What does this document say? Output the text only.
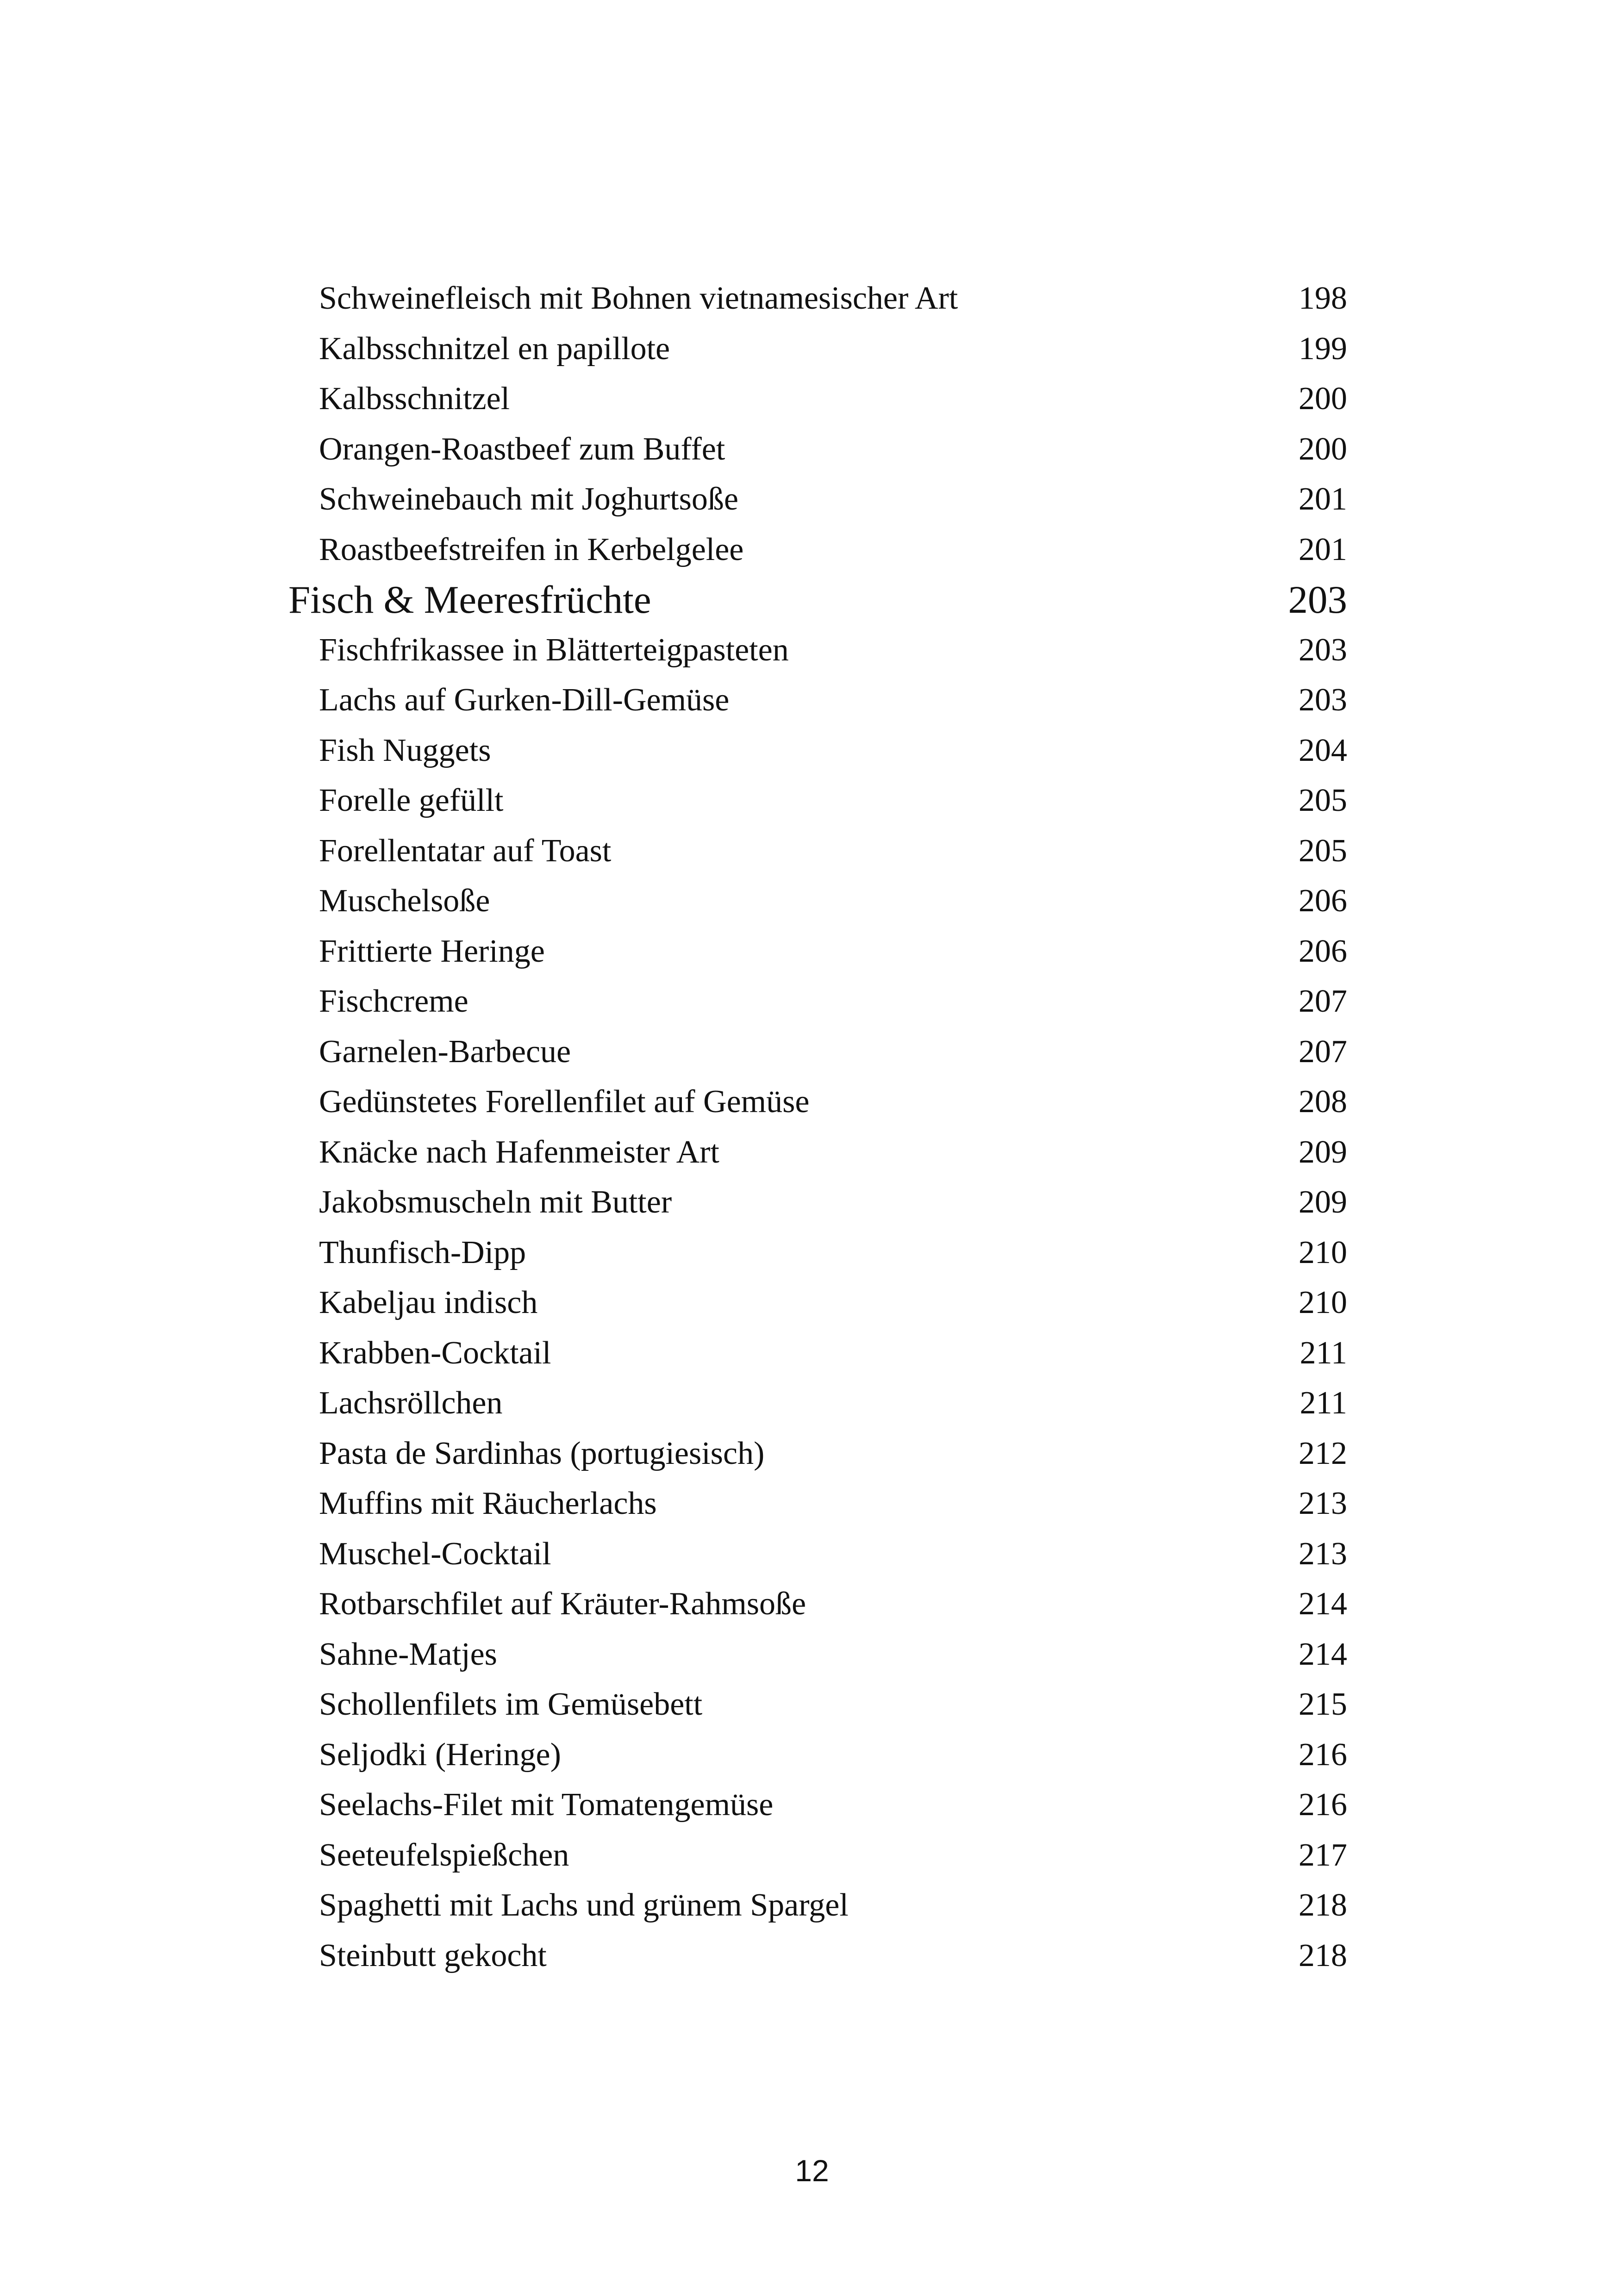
Schweinefleisch mit Bohnen vietnamesischer Art	198
Kalbsschnitzel en papillote	199
Kalbsschnitzel	200
Orangen-Roastbeef zum Buffet	200
Schweinebauch mit Joghurtsoße	201
Roastbeefstreifen in Kerbelgelee	201
Fisch & Meeresfrüchte	203
Fischfrikassee in Blätterteigpasteten	203
Lachs auf Gurken-Dill-Gemüse	203
Fish Nuggets	204
Forelle gefüllt	205
Forellentatar auf Toast	205
Muschelsoße	206
Frittierte Heringe	206
Fischcreme	207
Garnelen-Barbecue	207
Gedünstetes Forellenfilet auf Gemüse	208
Knäcke nach Hafenmeister Art	209
Jakobsmuscheln mit Butter	209
Thunfisch-Dipp	210
Kabeljau indisch	210
Krabben-Cocktail	211
Lachsröllchen	211
Pasta de Sardinhas (portugiesisch)	212
Muffins mit Räucherlachs	213
Muschel-Cocktail	213
Rotbarschfilet auf Kräuter-Rahmsoße	214
Sahne-Matjes	214
Schollenfilets im Gemüsebett	215
Seljodki (Heringe)	216
Seelachs-Filet mit Tomatengemüse	216
Seeteufelspießchen	217
Spaghetti mit Lachs und grünem Spargel	218
Steinbutt gekocht	218
12
